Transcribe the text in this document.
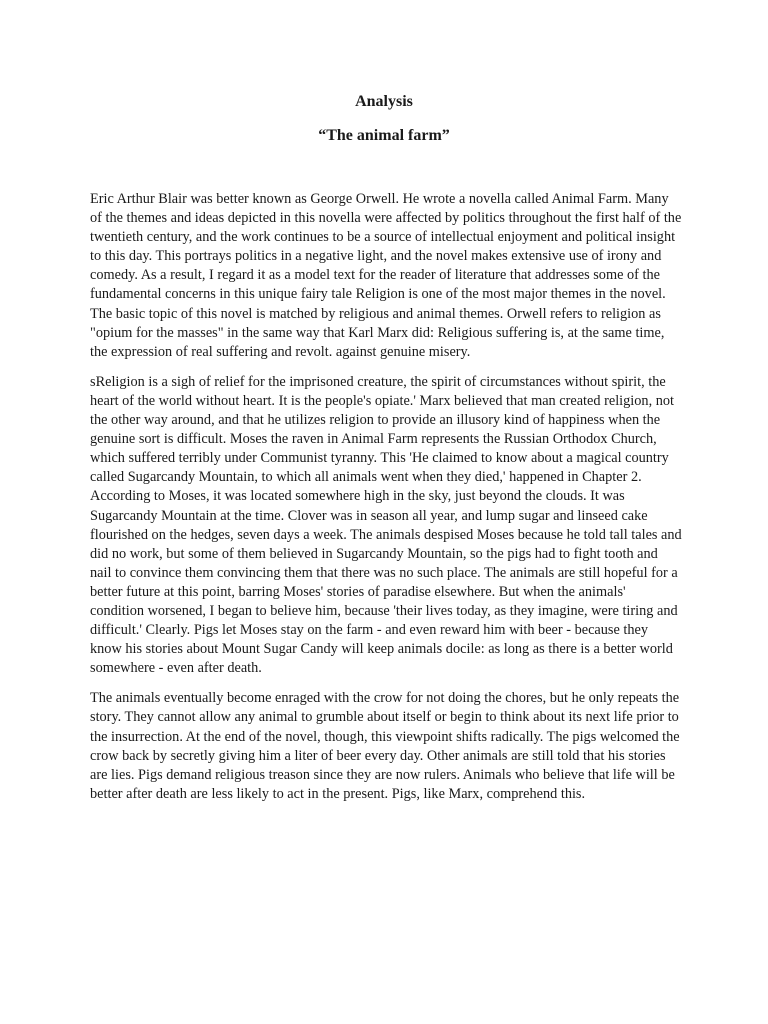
Analysis
“The animal farm”

Eric Arthur Blair was better known as George Orwell. He wrote a novella called Animal Farm. Many of the themes and ideas depicted in this novella were affected by politics throughout the first half of the twentieth century, and the work continues to be a source of intellectual enjoyment and political insight to this day. This portrays politics in a negative light, and the novel makes extensive use of irony and comedy. As a result, I regard it as a model text for the reader of literature that addresses some of the fundamental concerns in this unique fairy tale Religion is one of the most major themes in the novel. The basic topic of this novel is matched by religious and animal themes. Orwell refers to religion as "opium for the masses" in the same way that Karl Marx did: Religious suffering is, at the same time, the expression of real suffering and revolt. against genuine misery.

sReligion is a sigh of relief for the imprisoned creature, the spirit of circumstances without spirit, the heart of the world without heart. It is the people's opiate.' Marx believed that man created religion, not the other way around, and that he utilizes religion to provide an illusory kind of happiness when the genuine sort is difficult. Moses the raven in Animal Farm represents the Russian Orthodox Church, which suffered terribly under Communist tyranny. This 'He claimed to know about a magical country called Sugarcandy Mountain, to which all animals went when they died,' happened in Chapter 2. According to Moses, it was located somewhere high in the sky, just beyond the clouds. It was Sugarcandy Mountain at the time. Clover was in season all year, and lump sugar and linseed cake flourished on the hedges, seven days a week. The animals despised Moses because he told tall tales and did no work, but some of them believed in Sugarcandy Mountain, so the pigs had to fight tooth and nail to convince them convincing them that there was no such place. The animals are still hopeful for a better future at this point, barring Moses' stories of paradise elsewhere. But when the animals' condition worsened, I began to believe him, because 'their lives today, as they imagine, were tiring and difficult.' Clearly. Pigs let Moses stay on the farm - and even reward him with beer - because they know his stories about Mount Sugar Candy will keep animals docile: as long as there is a better world somewhere - even after death.

The animals eventually become enraged with the crow for not doing the chores, but he only repeats the story. They cannot allow any animal to grumble about itself or begin to think about its next life prior to the insurrection. At the end of the novel, though, this viewpoint shifts radically. The pigs welcomed the crow back by secretly giving him a liter of beer every day. Other animals are still told that his stories are lies. Pigs demand religious treason since they are now rulers. Animals who believe that life will be better after death are less likely to act in the present. Pigs, like Marx, comprehend this.
